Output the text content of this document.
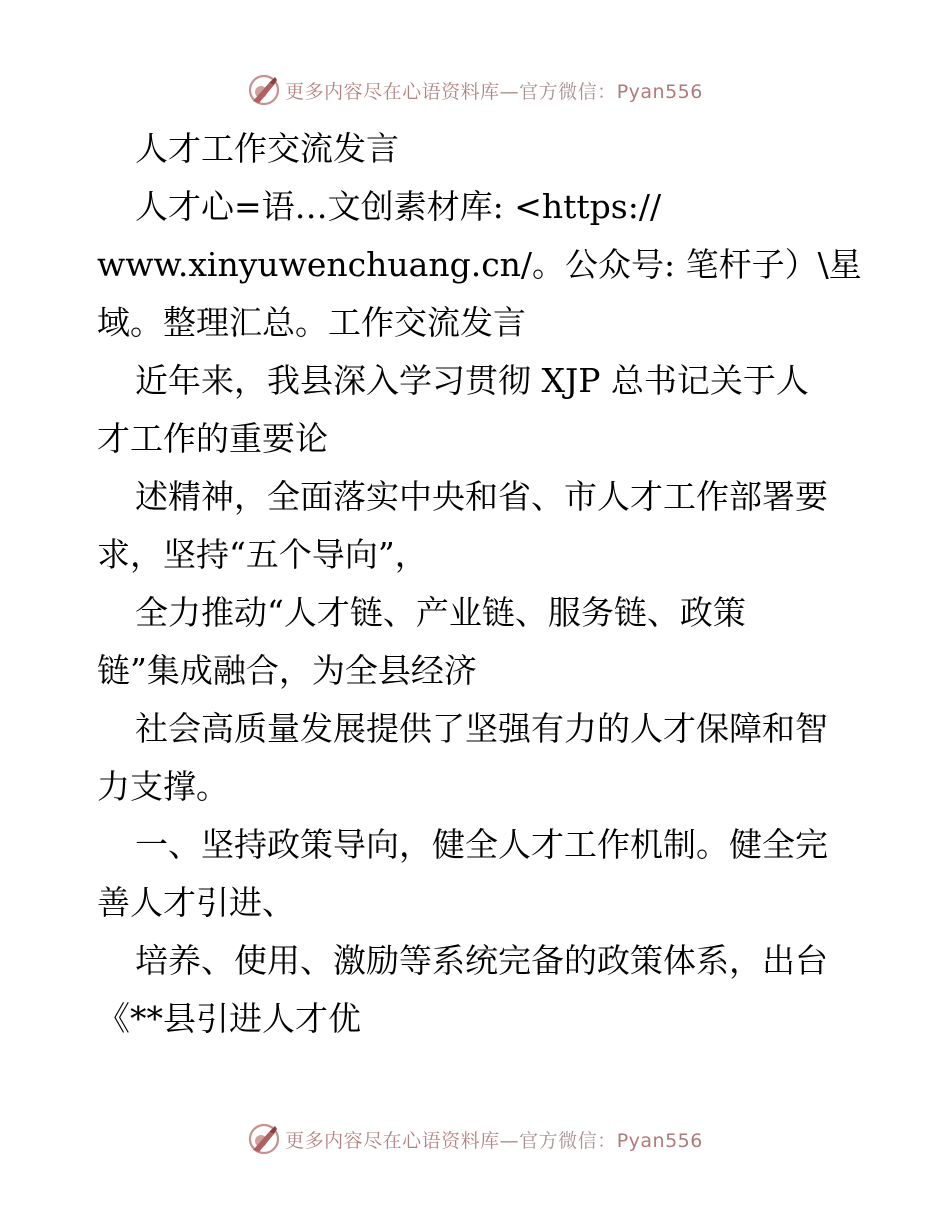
更多内容尽在心语资料库—官方微信：Pyan556
人才工作交流发言
人才心=语…文创素材库: <https://
www.xinyuwenchuang.cn/。公众号: 笔杆子）\星
域。整理汇总。工作交流发言
近年来，我县深入学习贯彻 XJP 总书记关于人
才工作的重要论
述精神，全面落实中央和省、市人才工作部署要
求，坚持“五个导向”，
全力推动“人才链、产业链、服务链、政策
链”集成融合，为全县经济
社会高质量发展提供了坚强有力的人才保障和智
力支撑。
一、坚持政策导向，健全人才工作机制。健全完
善人才引进、
培养、使用、激励等系统完备的政策体系，出台
《**县引进人才优
更多内容尽在心语资料库—官方微信：Pyan556
